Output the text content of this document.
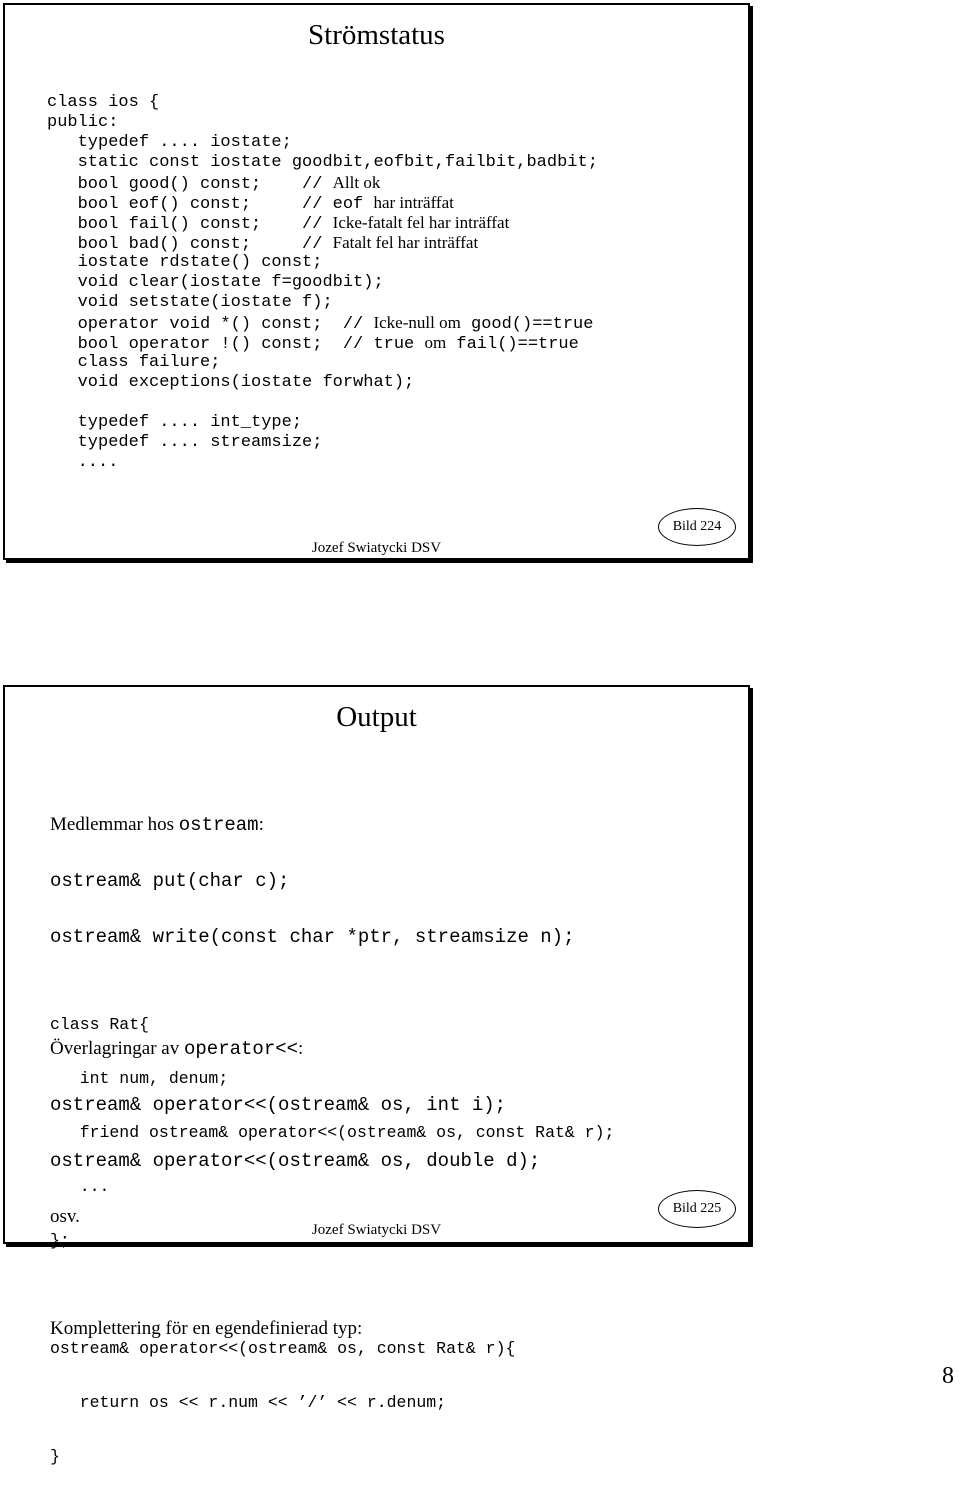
Strömstatus
class ios {
public:
typedef .... iostate;
static const iostate goodbit,eofbit,failbit,badbit;
bool good() const;    // Allt ok
bool eof() const;     // eof har inträffat
bool fail() const;    // Icke-fatalt fel har inträffat
bool bad() const;     // Fatalt fel har inträffat
iostate rdstate() const;
void clear(iostate f=goodbit);
void setstate(iostate f);
operator void *() const;  // Icke-null om good()==true
bool operator !() const;  // true om fail()==true
class failure;
void exceptions(iostate forwhat);
typedef .... int_type;
typedef .... streamsize;
....
Jozef Swiatycki DSV
Bild 224
Output

Medlemmar hos ostream:

ostream& put(char c);

ostream& write(const char *ptr, streamsize n);

Överlagringar av operator<<:

ostream& operator<<(ostream& os, int i);

ostream& operator<<(ostream& os, double d);

osv.

Komplettering för en egendefinierad typ:

class Rat{

int num, denum;

friend ostream& operator<<(ostream& os, const Rat& r);

...

};

ostream& operator<<(ostream& os, const Rat& r){

return os << r.num << ’/’ << r.denum;

}

Jozef Swiatycki DSV
Bild 225
8
